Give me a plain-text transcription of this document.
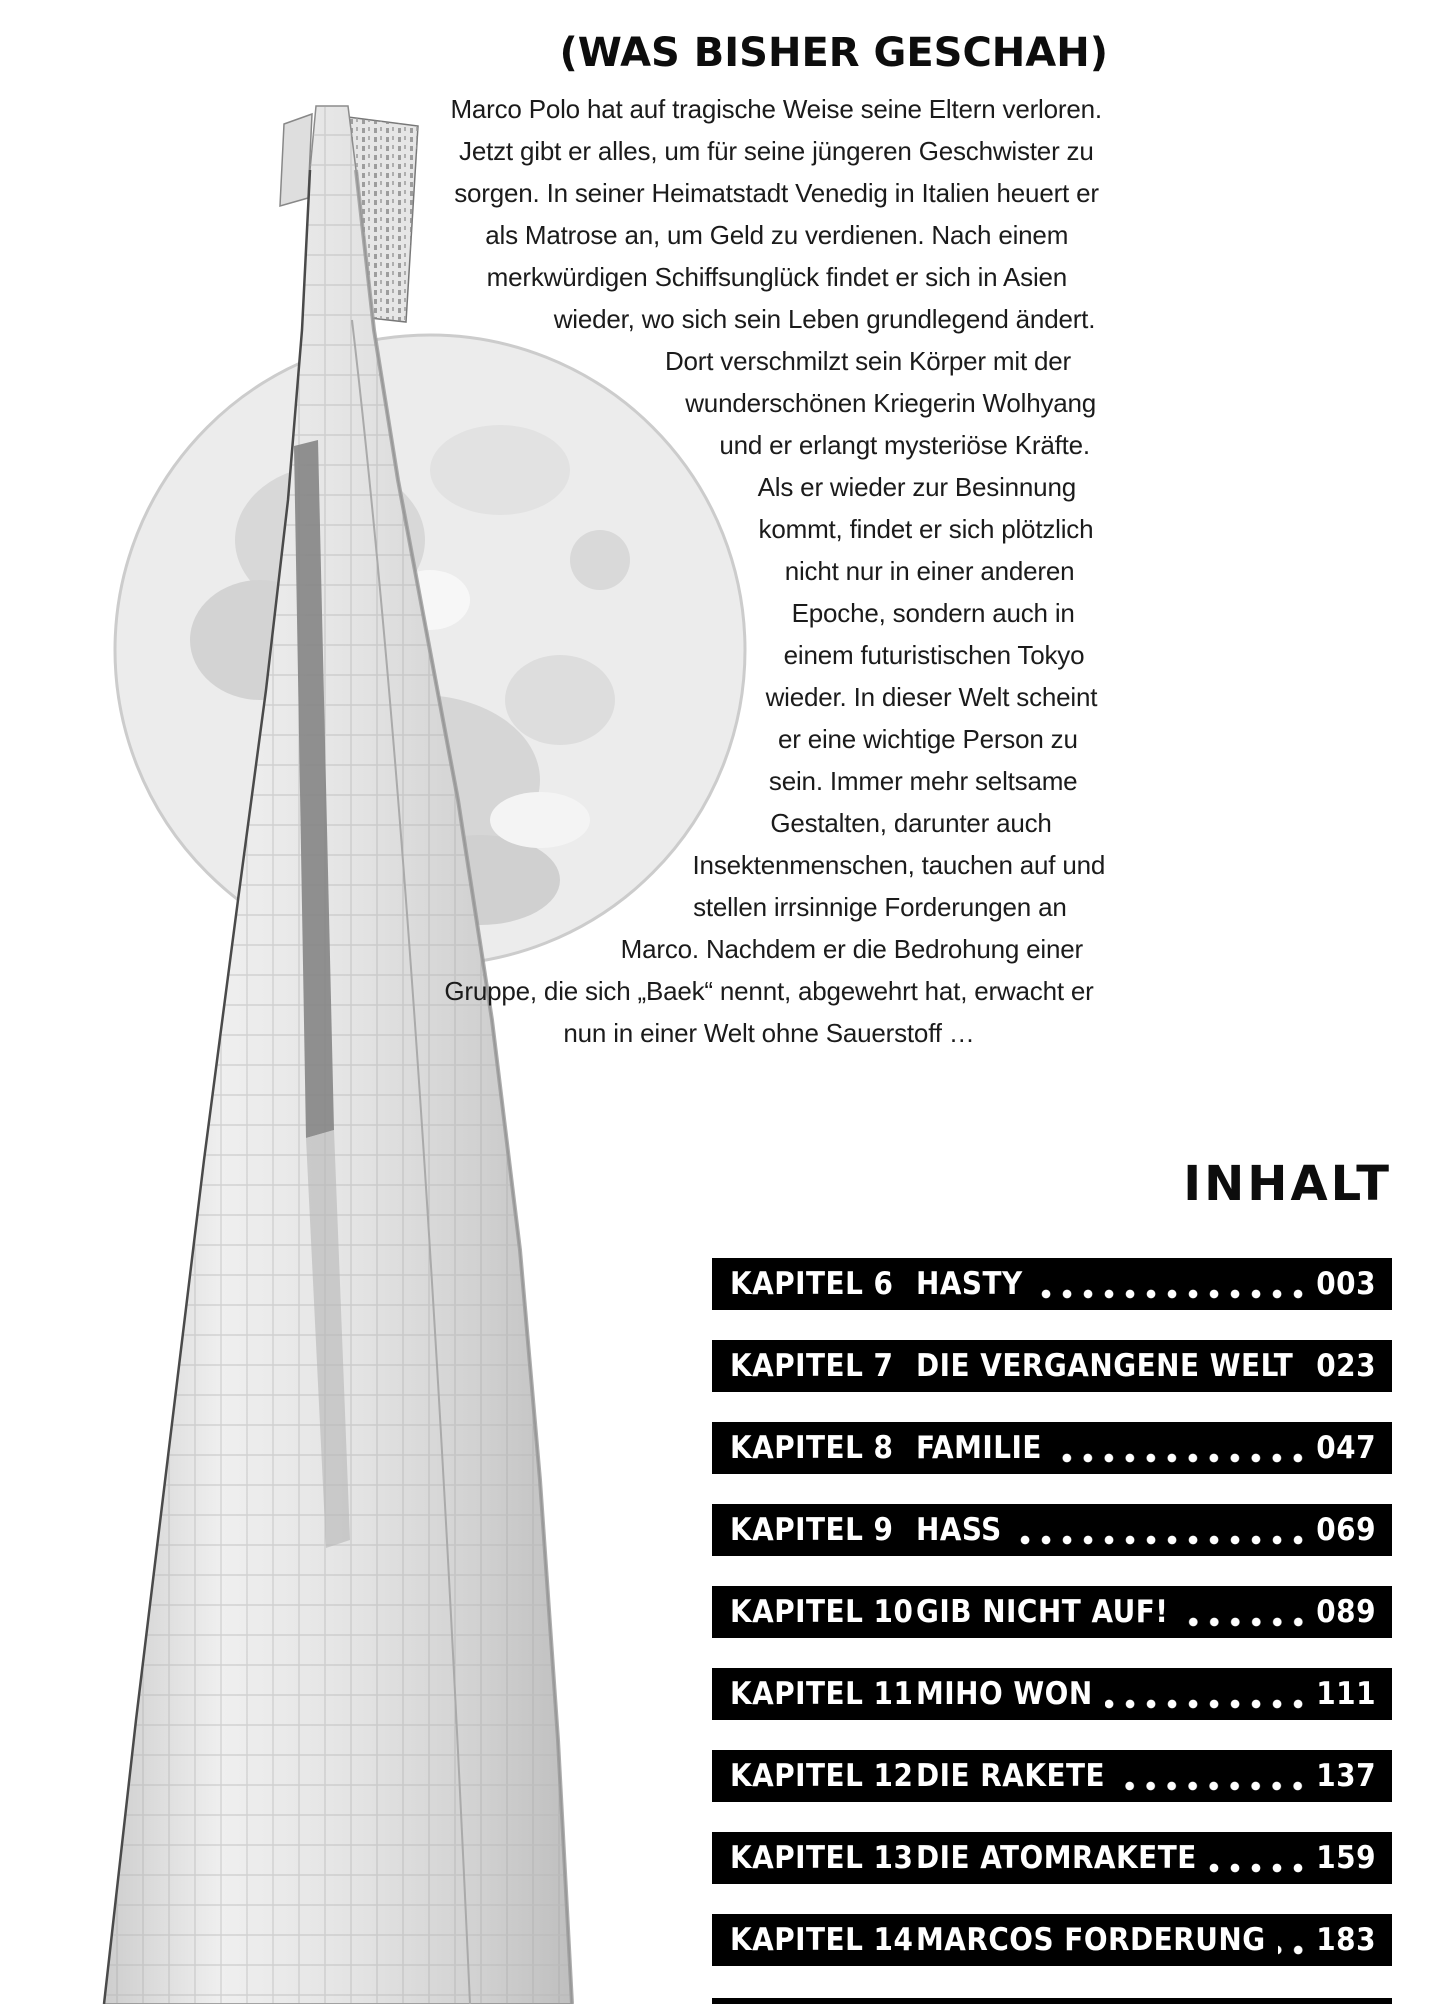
(WAS BISHER GESCHAH)
Marco Polo hat auf tragische Weise seine Eltern verloren. Jetzt gibt er alles, um für seine jüngeren Geschwister zu sorgen. In seiner Heimatstadt Venedig in Italien heuert er als Matrose an, um Geld zu verdienen. Nach einem merkwürdigen Schiffsunglück findet er sich in Asien wieder, wo sich sein Leben grundlegend ändert. Dort verschmilzt sein Körper mit der wunderschönen Kriegerin Wolhyang und er erlangt mysteriöse Kräfte. Als er wieder zur Besinnung kommt, findet er sich plötzlich nicht nur in einer anderen Epoche, sondern auch in einem futuristischen Tokyo wieder. In dieser Welt scheint er eine wichtige Person zu sein. Immer mehr seltsame Gestalten, darunter auch Insektenmenschen, tauchen auf und stellen irrsinnige Forderungen an Marco. Nachdem er die Bedrohung einer Gruppe, die sich „Baek“ nennt, abgewehrt hat, erwacht er nun in einer Welt ohne Sauerstoff …
INHALT
KAPITEL 6 HASTY	003
KAPITEL 7 DIE VERGANGENE WELT 023
KAPITEL 8 FAMILIE	047
KAPITEL 9 HASS	069
KAPITEL 10 GIB NICHT AUF!	089
KAPITEL 11 MIHO WON	111
KAPITEL 12 DIE RAKETE	137
KAPITEL 13 DIE ATOMRAKETE	159
KAPITEL 14 MARCOS FORDERUNG 183
